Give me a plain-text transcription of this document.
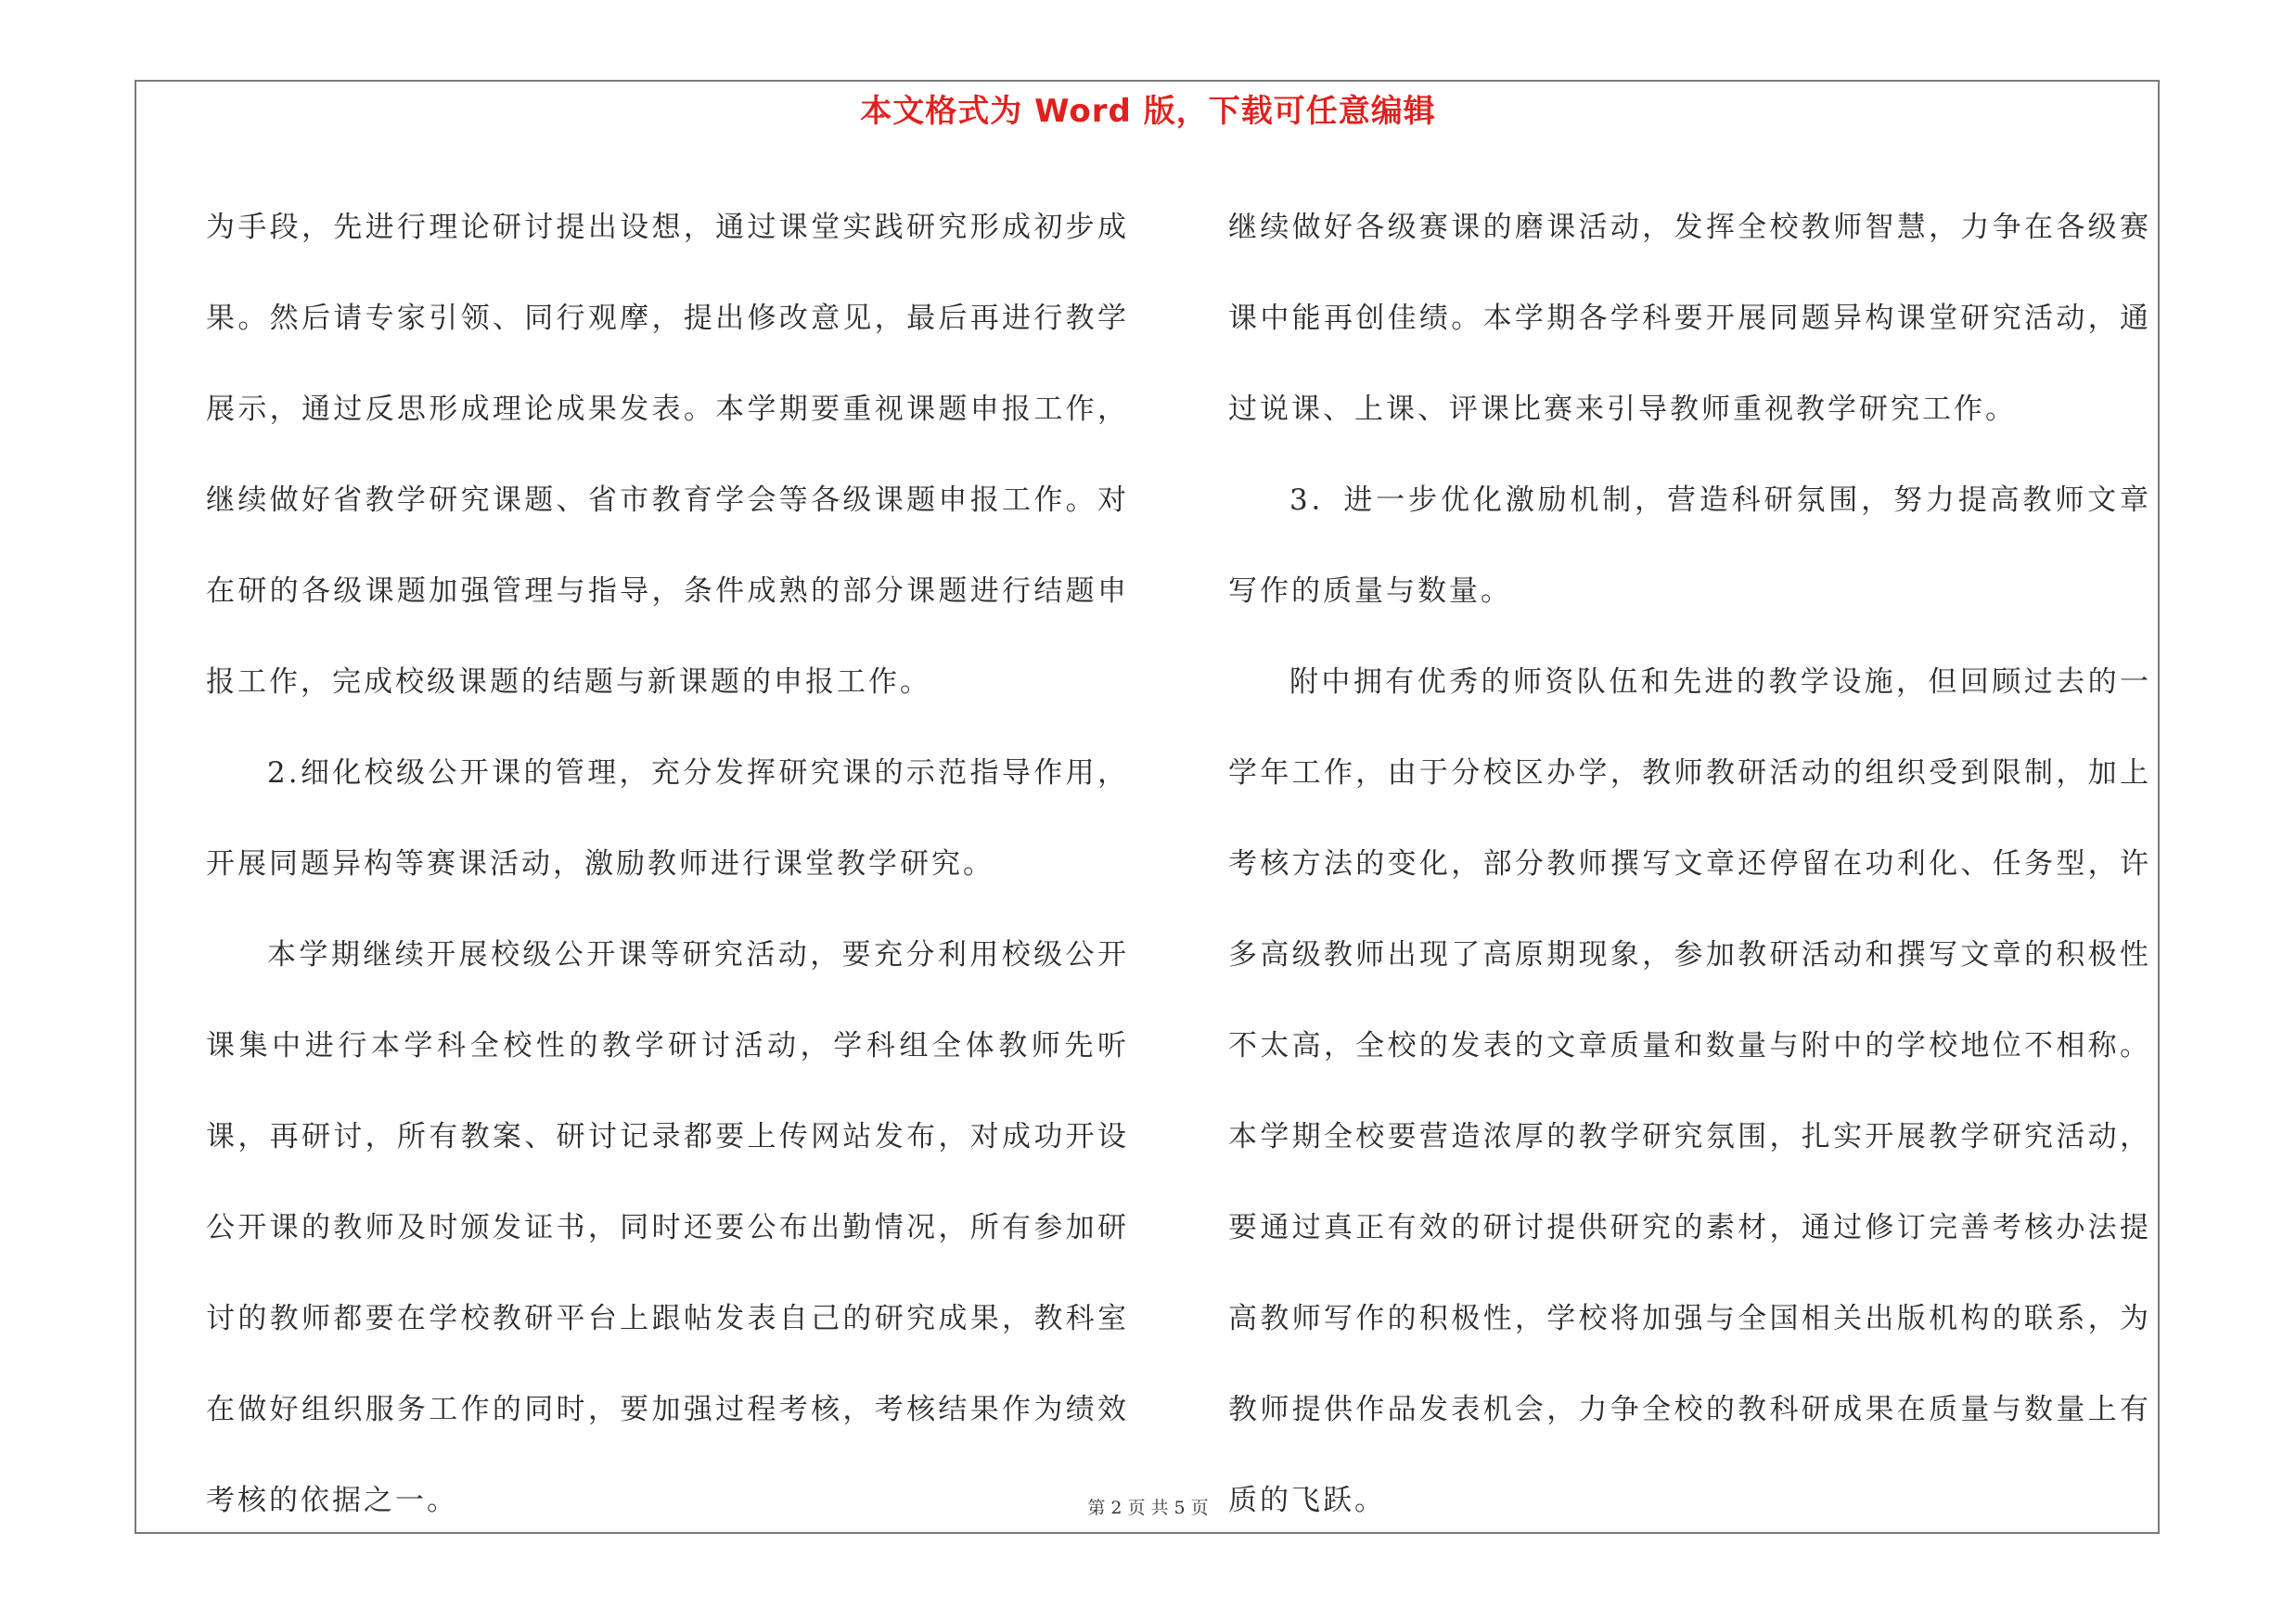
本文格式为 Word 版，下载可任意编辑

为手段，先进行理论研讨提出设想，通过课堂实践研究形成初步成果。然后请专家引领、同行观摩，提出修改意见，最后再进行教学展示，通过反思形成理论成果发表。本学期要重视课题申报工作，继续做好省教学研究课题、省市教育学会等各级课题申报工作。对在研的各级课题加强管理与指导，条件成熟的部分课题进行结题申报工作，完成校级课题的结题与新课题的申报工作。

2.细化校级公开课的管理，充分发挥研究课的示范指导作用，开展同题异构等赛课活动，激励教师进行课堂教学研究。

本学期继续开展校级公开课等研究活动，要充分利用校级公开课集中进行本学科全校性的教学研讨活动，学科组全体教师先听课，再研讨，所有教案、研讨记录都要上传网站发布，对成功开设公开课的教师及时颁发证书，同时还要公布出勤情况，所有参加研讨的教师都要在学校教研平台上跟帖发表自己的研究成果，教科室在做好组织服务工作的同时，要加强过程考核，考核结果作为绩效考核的依据之一。

继续做好各级赛课的磨课活动，发挥全校教师智慧，力争在各级赛课中能再创佳绩。本学期各学科要开展同题异构课堂研究活动，通过说课、上课、评课比赛来引导教师重视教学研究工作。

3．进一步优化激励机制，营造科研氛围，努力提高教师文章写作的质量与数量。

附中拥有优秀的师资队伍和先进的教学设施，但回顾过去的一学年工作，由于分校区办学，教师教研活动的组织受到限制，加上考核方法的变化，部分教师撰写文章还停留在功利化、任务型，许多高级教师出现了高原期现象，参加教研活动和撰写文章的积极性不太高，全校的发表的文章质量和数量与附中的学校地位不相称。本学期全校要营造浓厚的教学研究氛围，扎实开展教学研究活动，要通过真正有效的研讨提供研究的素材，通过修订完善考核办法提高教师写作的积极性，学校将加强与全国相关出版机构的联系，为教师提供作品发表机会，力争全校的教科研成果在质量与数量上有质的飞跃。

第 2 页 共 5 页
